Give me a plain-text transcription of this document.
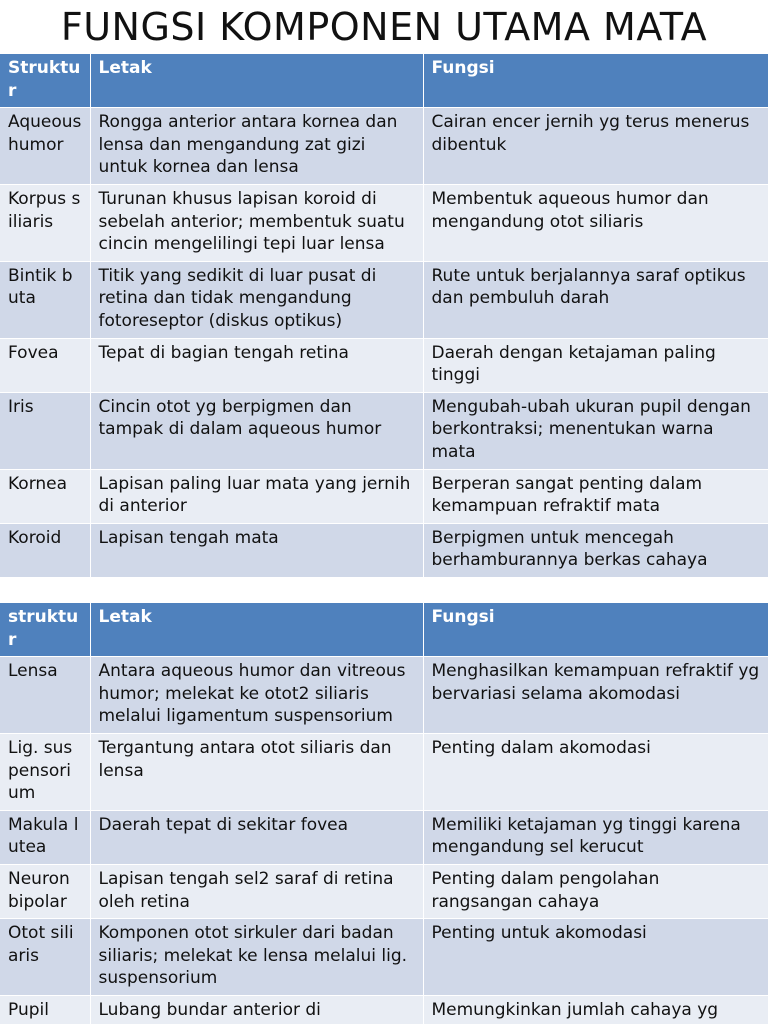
FUNGSI KOMPONEN UTAMA MATA
Struktur	Letak	Fungsi
Aqueous humor	Rongga anterior antara kornea dan lensa dan mengandung zat gizi untuk kornea dan lensa	Cairan encer jernih yg terus menerus dibentuk
Korpus siliaris	Turunan khusus lapisan koroid di sebelah anterior; membentuk suatu cincin mengelilingi tepi luar lensa	Membentuk aqueous humor dan mengandung otot siliaris
Bintik buta	Titik yang sedikit di luar pusat di retina dan tidak mengandung fotoreseptor (diskus optikus)	Rute untuk berjalannya saraf optikus dan pembuluh darah
Fovea	Tepat di bagian tengah retina	Daerah dengan ketajaman paling tinggi
Iris	Cincin otot yg berpigmen dan tampak di dalam aqueous humor	Mengubah-ubah ukuran pupil dengan berkontraksi; menentukan warna mata
Kornea	Lapisan paling luar mata yang jernih di anterior	Berperan sangat penting dalam kemampuan refraktif mata
Koroid	Lapisan tengah mata	Berpigmen untuk mencegah berhamburannya berkas cahaya
struktur	Letak	Fungsi
Lensa	Antara aqueous humor dan vitreous humor; melekat ke otot2 siliaris melalui ligamentum suspensorium	Menghasilkan kemampuan refraktif yg bervariasi selama akomodasi
Lig. suspensorium	Tergantung antara otot siliaris dan lensa	Penting dalam akomodasi
Makula lutea	Daerah tepat di sekitar fovea	Memiliki ketajaman yg tinggi karena mengandung sel kerucut
Neuron bipolar	Lapisan tengah sel2 saraf di retina oleh retina	Penting dalam pengolahan rangsangan cahaya
Otot siliaris	Komponen otot sirkuler dari badan siliaris; melekat ke lensa melalui lig. suspensorium	Penting untuk akomodasi
Pupil	Lubang bundar anterior di	Memungkinkan jumlah cahaya yg
